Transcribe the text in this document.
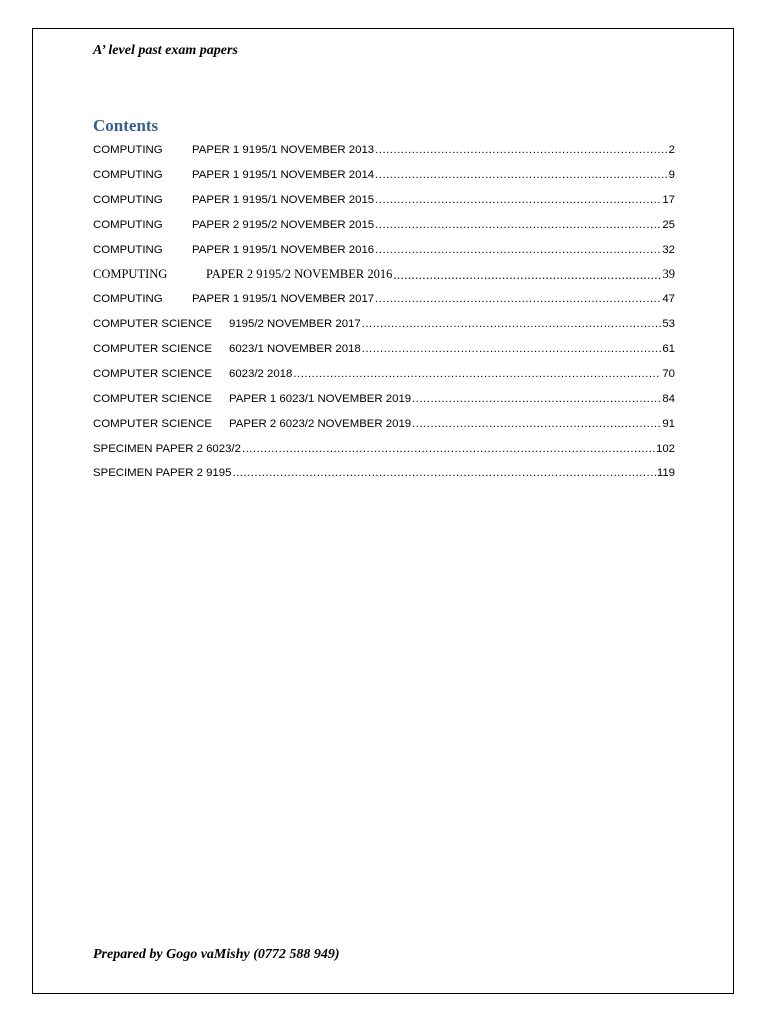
A’ level past exam papers
Contents
COMPUTING	PAPER 1 9195/1 NOVEMBER 2013 .....	2
COMPUTING	PAPER 1 9195/1 NOVEMBER 2014 .....	9
COMPUTING	PAPER 1 9195/1 NOVEMBER 2015 .....	17
COMPUTING	PAPER 2 9195/2 NOVEMBER 2015 .....	25
COMPUTING	PAPER 1 9195/1 NOVEMBER 2016 .....	32
COMPUTING	PAPER 2 9195/2 NOVEMBER 2016 .....	39
COMPUTING	PAPER 1 9195/1 NOVEMBER 2017 .....	47
COMPUTER SCIENCE	9195/2 NOVEMBER 2017 .....	53
COMPUTER SCIENCE	6023/1 NOVEMBER 2018 .....	61
COMPUTER SCIENCE	6023/2 2018 .....	70
COMPUTER SCIENCE	PAPER 1 6023/1 NOVEMBER 2019 .....	84
COMPUTER SCIENCE	PAPER 2 6023/2 NOVEMBER 2019 .....	91
SPECIMEN PAPER 2 6023/2 .....	102
SPECIMEN PAPER 2 9195 .....	119
Prepared by Gogo vaMishy (0772 588 949)
